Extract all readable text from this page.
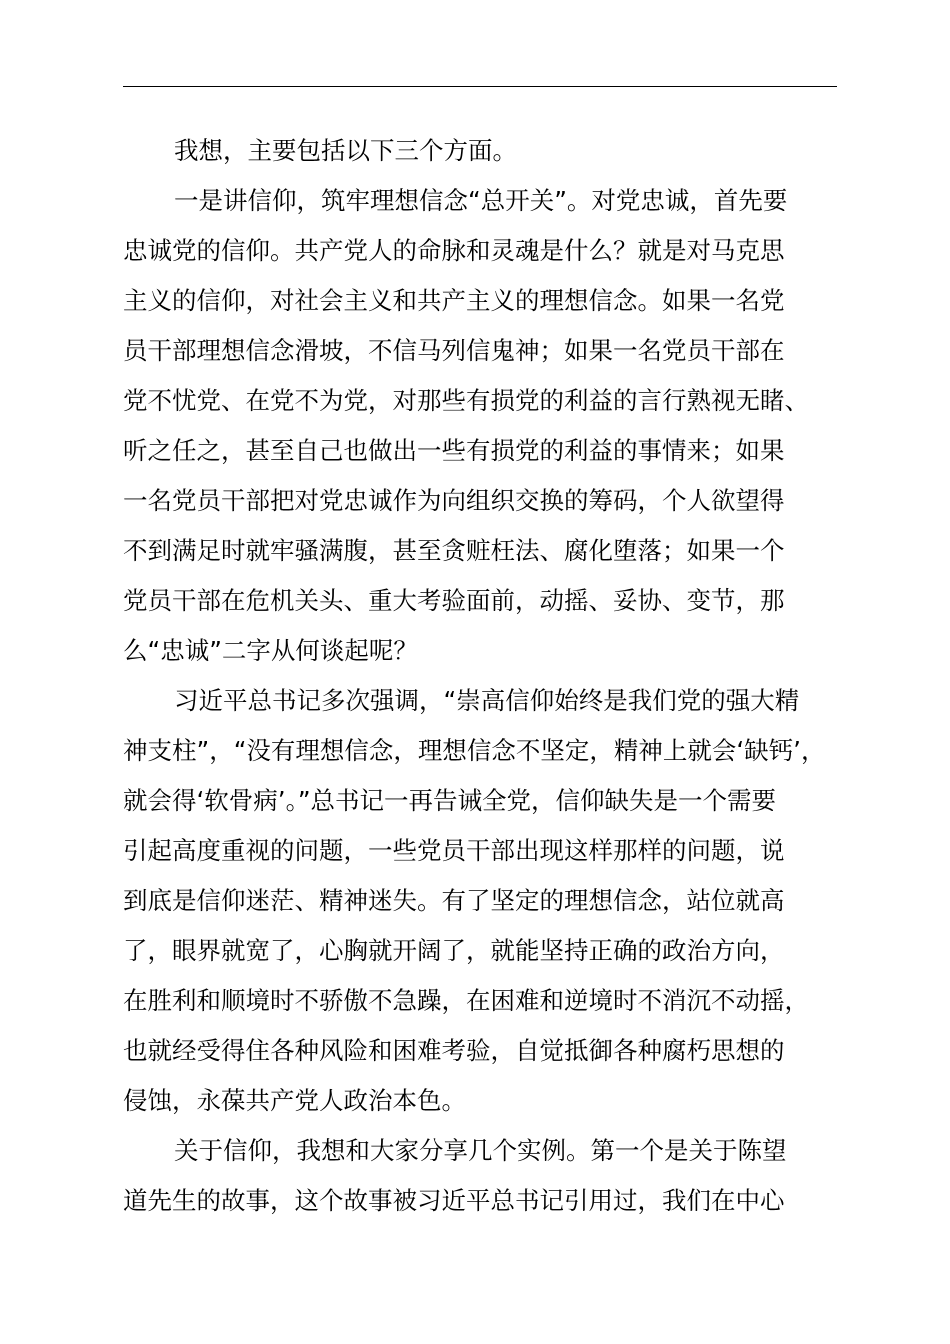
我想，主要包括以下三个方面。
一是讲信仰，筑牢理想信念“总开关”。对党忠诚，首先要
忠诚党的信仰。共产党人的命脉和灵魂是什么？就是对马克思
主义的信仰，对社会主义和共产主义的理想信念。如果一名党
员干部理想信念滑坡，不信马列信鬼神；如果一名党员干部在
党不忧党、在党不为党，对那些有损党的利益的言行熟视无睹、
听之任之，甚至自己也做出一些有损党的利益的事情来；如果
一名党员干部把对党忠诚作为向组织交换的筹码，个人欲望得
不到满足时就牢骚满腹，甚至贪赃枉法、腐化堕落；如果一个
党员干部在危机关头、重大考验面前，动摇、妥协、变节，那
么“忠诚”二字从何谈起呢？
习近平总书记多次强调，“崇高信仰始终是我们党的强大精
神支柱”，“没有理想信念，理想信念不坚定，精神上就会‘缺钙’，
就会得‘软骨病’。”总书记一再告诫全党，信仰缺失是一个需要
引起高度重视的问题，一些党员干部出现这样那样的问题，说
到底是信仰迷茫、精神迷失。有了坚定的理想信念，站位就高
了，眼界就宽了，心胸就开阔了，就能坚持正确的政治方向，
在胜利和顺境时不骄傲不急躁，在困难和逆境时不消沉不动摇，
也就经受得住各种风险和困难考验，自觉抵御各种腐朽思想的
侵蚀，永葆共产党人政治本色。
关于信仰，我想和大家分享几个实例。第一个是关于陈望
道先生的故事，这个故事被习近平总书记引用过，我们在中心
